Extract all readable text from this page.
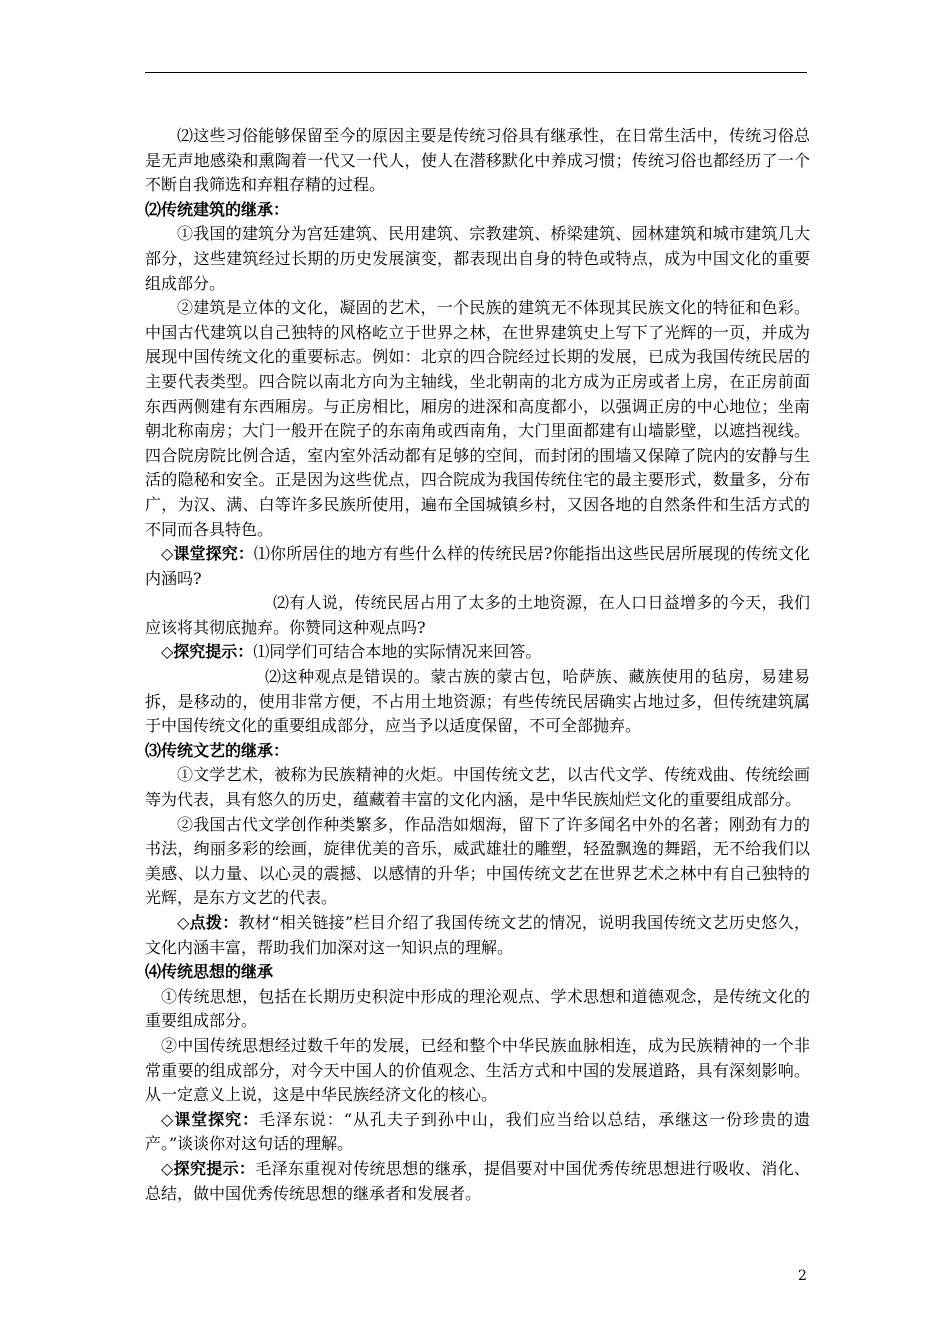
⑵这些习俗能够保留至今的原因主要是传统习俗具有继承性，在日常生活中，传统习俗总是无声地感染和熏陶着一代又一代人，使人在潜移默化中养成习惯；传统习俗也都经历了一个不断自我筛选和弃粗存精的过程。

⑵传统建筑的继承：

①我国的建筑分为宫廷建筑、民用建筑、宗教建筑、桥梁建筑、园林建筑和城市建筑几大部分，这些建筑经过长期的历史发展演变，都表现出自身的特色或特点，成为中国文化的重要组成部分。

②建筑是立体的文化，凝固的艺术，一个民族的建筑无不体现其民族文化的特征和色彩。中国古代建筑以自己独特的风格屹立于世界之林，在世界建筑史上写下了光辉的一页，并成为展现中国传统文化的重要标志。例如：北京的四合院经过长期的发展，已成为我国传统民居的主要代表类型。四合院以南北方向为主轴线，坐北朝南的北方成为正房或者上房，在正房前面东西两侧建有东西厢房。与正房相比，厢房的进深和高度都小，以强调正房的中心地位；坐南朝北称南房；大门一般开在院子的东南角或西南角，大门里面都建有山墙影壁，以遮挡视线。四合院房院比例合适，室内室外活动都有足够的空间，而封闭的围墙又保障了院内的安静与生活的隐秘和安全。正是因为这些优点，四合院成为我国传统住宅的最主要形式，数量多，分布广，为汉、满、白等许多民族所使用，遍布全国城镇乡村，又因各地的自然条件和生活方式的不同而各具特色。

◇课堂探究：⑴你所居住的地方有些什么样的传统民居?你能指出这些民居所展现的传统文化内涵吗?

⑵有人说，传统民居占用了太多的土地资源，在人口日益增多的今天，我们应该将其彻底抛弃。你赞同这种观点吗?

◇探究提示：⑴同学们可结合本地的实际情况来回答。

⑵这种观点是错误的。蒙古族的蒙古包，哈萨族、藏族使用的毡房，易建易拆，是移动的，使用非常方便，不占用土地资源；有些传统民居确实占地过多，但传统建筑属于中国传统文化的重要组成部分，应当予以适度保留，不可全部抛弃。

⑶传统文艺的继承：

①文学艺术，被称为民族精神的火炬。中国传统文艺，以古代文学、传统戏曲、传统绘画等为代表，具有悠久的历史，蕴藏着丰富的文化内涵，是中华民族灿烂文化的重要组成部分。

②我国古代文学创作种类繁多，作品浩如烟海，留下了许多闻名中外的名著；刚劲有力的书法，绚丽多彩的绘画，旋律优美的音乐，威武雄壮的雕塑，轻盈飘逸的舞蹈，无不给我们以美感、以力量、以心灵的震撼、以感情的升华；中国传统文艺在世界艺术之林中有自己独特的光辉，是东方文艺的代表。

◇点拨：教材“相关链接”栏目介绍了我国传统文艺的情况，说明我国传统文艺历史悠久，文化内涵丰富，帮助我们加深对这一知识点的理解。

⑷传统思想的继承

①传统思想，包括在长期历史积淀中形成的理沦观点、学术思想和道德观念，是传统文化的重要组成部分。

②中国传统思想经过数千年的发展，已经和整个中华民族血脉相连，成为民族精神的一个非常重要的组成部分，对今天中国人的价值观念、生活方式和中国的发展道路，具有深刻影响。从一定意义上说，这是中华民族经济文化的核心。

◇课堂探究：毛泽东说：“从孔夫子到孙中山，我们应当给以总结，承继这一份珍贵的遗产。”谈谈你对这句话的理解。

◇探究提示：毛泽东重视对传统思想的继承，提倡要对中国优秀传统思想进行吸收、消化、总结，做中国优秀传统思想的继承者和发展者。

2
